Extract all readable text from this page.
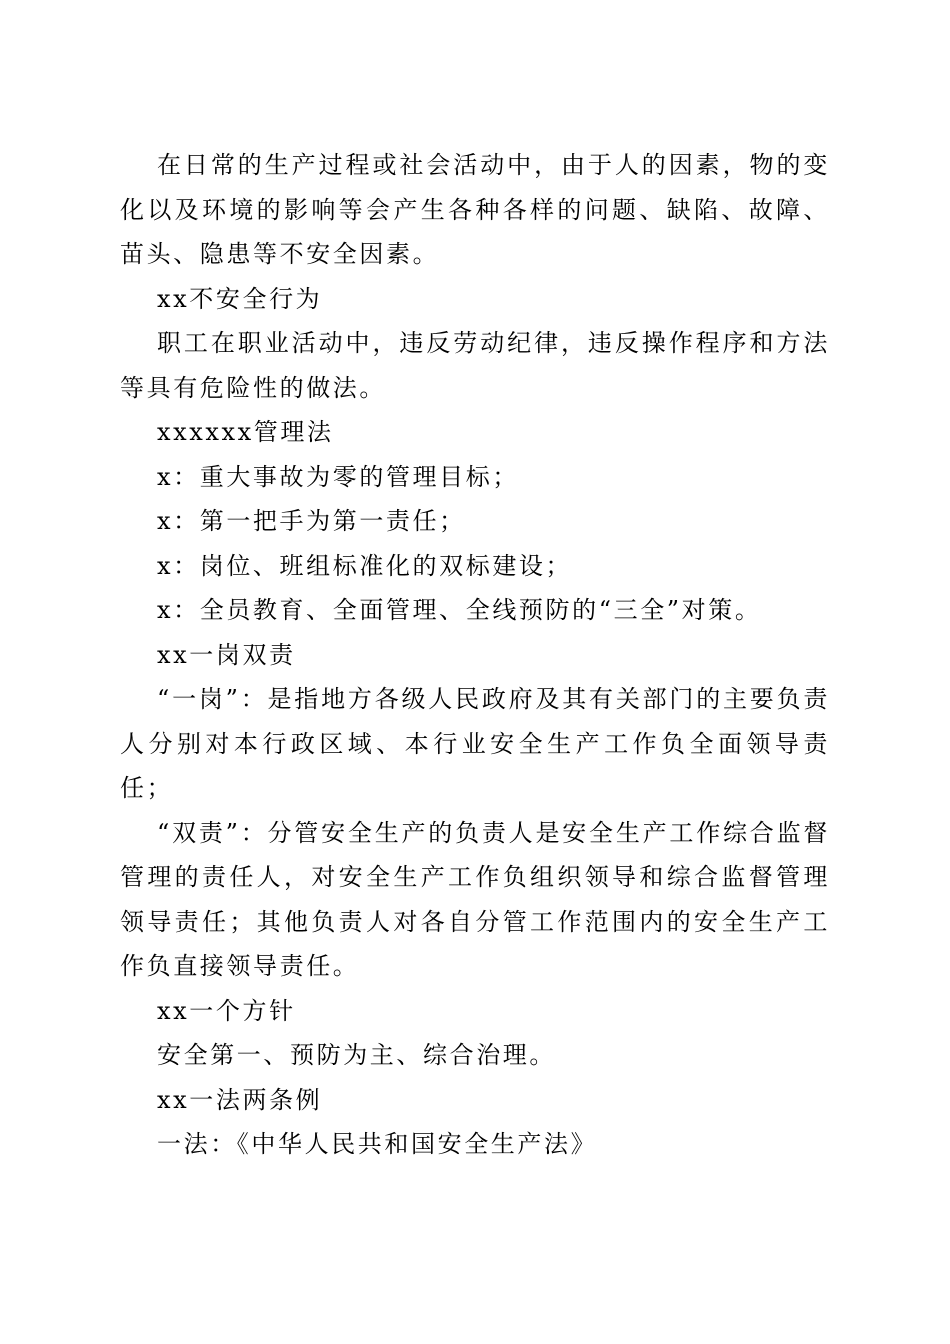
在日常的生产过程或社会活动中，由于人的因素，物的变化以及环境的影响等会产生各种各样的问题、缺陷、故障、苗头、隐患等不安全因素。

xx不安全行为

职工在职业活动中，违反劳动纪律，违反操作程序和方法等具有危险性的做法。

xxxxxx管理法

x：重大事故为零的管理目标；

x：第一把手为第一责任；

x：岗位、班组标准化的双标建设；

x：全员教育、全面管理、全线预防的“三全”对策。

xx一岗双责

“一岗”：是指地方各级人民政府及其有关部门的主要负责人分别对本行政区域、本行业安全生产工作负全面领导责任；

“双责”：分管安全生产的负责人是安全生产工作综合监督管理的责任人，对安全生产工作负组织领导和综合监督管理领导责任；其他负责人对各自分管工作范围内的安全生产工作负直接领导责任。

xx一个方针

安全第一、预防为主、综合治理。

xx一法两条例

一法：《中华人民共和国安全生产法》
